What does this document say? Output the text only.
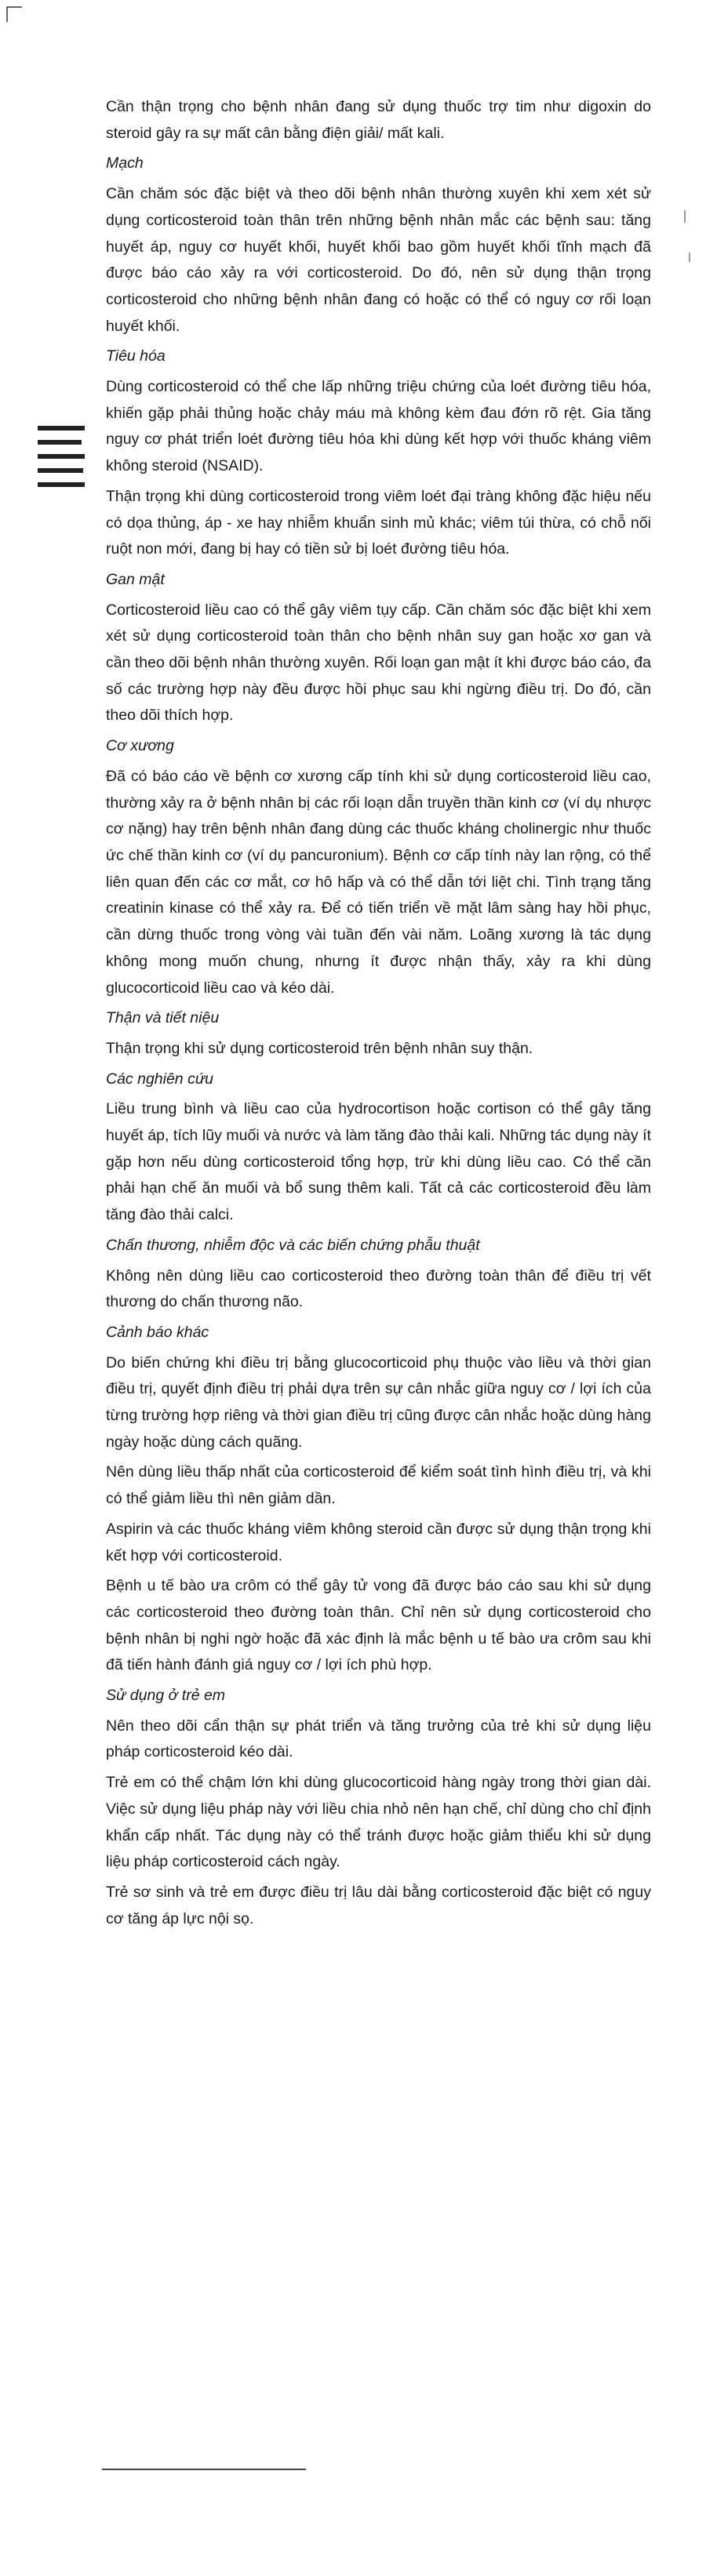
Cần thận trọng cho bệnh nhân đang sử dụng thuốc trợ tim như digoxin do steroid gây ra sự mất cân bằng điện giải/ mất kali.

Mạch

Cần chăm sóc đặc biệt và theo dõi bệnh nhân thường xuyên khi xem xét sử dụng corticosteroid toàn thân trên những bệnh nhân mắc các bệnh sau: tăng huyết áp, nguy cơ huyết khối, huyết khối bao gồm huyết khối tĩnh mạch đã được báo cáo xảy ra với corticosteroid. Do đó, nên sử dụng thận trọng corticosteroid cho những bệnh nhân đang có hoặc có thể có nguy cơ rối loạn huyết khối.

Tiêu hóa

Dùng corticosteroid có thể che lấp những triệu chứng của loét đường tiêu hóa, khiến gặp phải thủng hoặc chảy máu mà không kèm đau đớn rõ rệt. Gia tăng nguy cơ phát triển loét đường tiêu hóa khi dùng kết hợp với thuốc kháng viêm không steroid (NSAID).

Thận trọng khi dùng corticosteroid trong viêm loét đại tràng không đặc hiệu nếu có dọa thủng, áp - xe hay nhiễm khuẩn sinh mủ khác; viêm túi thừa, có chỗ nối ruột non mới, đang bị hay có tiền sử bị loét đường tiêu hóa.

Gan mật

Corticosteroid liều cao có thể gây viêm tụy cấp. Cần chăm sóc đặc biệt khi xem xét sử dụng corticosteroid toàn thân cho bệnh nhân suy gan hoặc xơ gan và cần theo dõi bệnh nhân thường xuyên. Rối loạn gan mật ít khi được báo cáo, đa số các trường hợp này đều được hồi phục sau khi ngừng điều trị. Do đó, cần theo dõi thích hợp.

Cơ xương

Đã có báo cáo về bệnh cơ xương cấp tính khi sử dụng corticosteroid liều cao, thường xảy ra ở bệnh nhân bị các rối loạn dẫn truyền thần kinh cơ (ví dụ nhược cơ nặng) hay trên bệnh nhân đang dùng các thuốc kháng cholinergic như thuốc ức chế thần kinh cơ (ví dụ pancuronium). Bệnh cơ cấp tính này lan rộng, có thể liên quan đến các cơ mắt, cơ hô hấp và có thể dẫn tới liệt chi. Tình trạng tăng creatinin kinase có thể xảy ra. Để có tiến triển về mặt lâm sàng hay hồi phục, cần dừng thuốc trong vòng vài tuần đến vài năm. Loãng xương là tác dụng không mong muốn chung, nhưng ít được nhận thấy, xảy ra khi dùng glucocorticoid liều cao và kéo dài.

Thận và tiết niệu

Thận trọng khi sử dụng corticosteroid trên bệnh nhân suy thận.

Các nghiên cứu

Liều trung bình và liều cao của hydrocortison hoặc cortison có thể gây tăng huyết áp, tích lũy muối và nước và làm tăng đào thải kali. Những tác dụng này ít gặp hơn nếu dùng corticosteroid tổng hợp, trừ khi dùng liều cao. Có thể cần phải hạn chế ăn muối và bổ sung thêm kali. Tất cả các corticosteroid đều làm tăng đào thải calci.

Chấn thương, nhiễm độc và các biến chứng phẫu thuật

Không nên dùng liều cao corticosteroid theo đường toàn thân để điều trị vết thương do chấn thương não.

Cảnh báo khác

Do biến chứng khi điều trị bằng glucocorticoid phụ thuộc vào liều và thời gian điều trị, quyết định điều trị phải dựa trên sự cân nhắc giữa nguy cơ / lợi ích của từng trường hợp riêng và thời gian điều trị cũng được cân nhắc hoặc dùng hàng ngày hoặc dùng cách quãng.

Nên dùng liều thấp nhất của corticosteroid để kiểm soát tình hình điều trị, và khi có thể giảm liều thì nên giảm dần.

Aspirin và các thuốc kháng viêm không steroid cần được sử dụng thận trọng khi kết hợp với corticosteroid.

Bệnh u tế bào ưa crôm có thể gây tử vong đã được báo cáo sau khi sử dụng các corticosteroid theo đường toàn thân. Chỉ nên sử dụng corticosteroid cho bệnh nhân bị nghi ngờ hoặc đã xác định là mắc bệnh u tế bào ưa crôm sau khi đã tiến hành đánh giá nguy cơ / lợi ích phù hợp.

Sử dụng ở trẻ em

Nên theo dõi cẩn thận sự phát triển và tăng trưởng của trẻ khi sử dụng liệu pháp corticosteroid kéo dài.

Trẻ em có thể chậm lớn khi dùng glucocorticoid hàng ngày trong thời gian dài. Việc sử dụng liệu pháp này với liều chia nhỏ nên hạn chế, chỉ dùng cho chỉ định khẩn cấp nhất. Tác dụng này có thể tránh được hoặc giảm thiểu khi sử dụng liệu pháp corticosteroid cách ngày.

Trẻ sơ sinh và trẻ em được điều trị lâu dài bằng corticosteroid đặc biệt có nguy cơ tăng áp lực nội sọ.
